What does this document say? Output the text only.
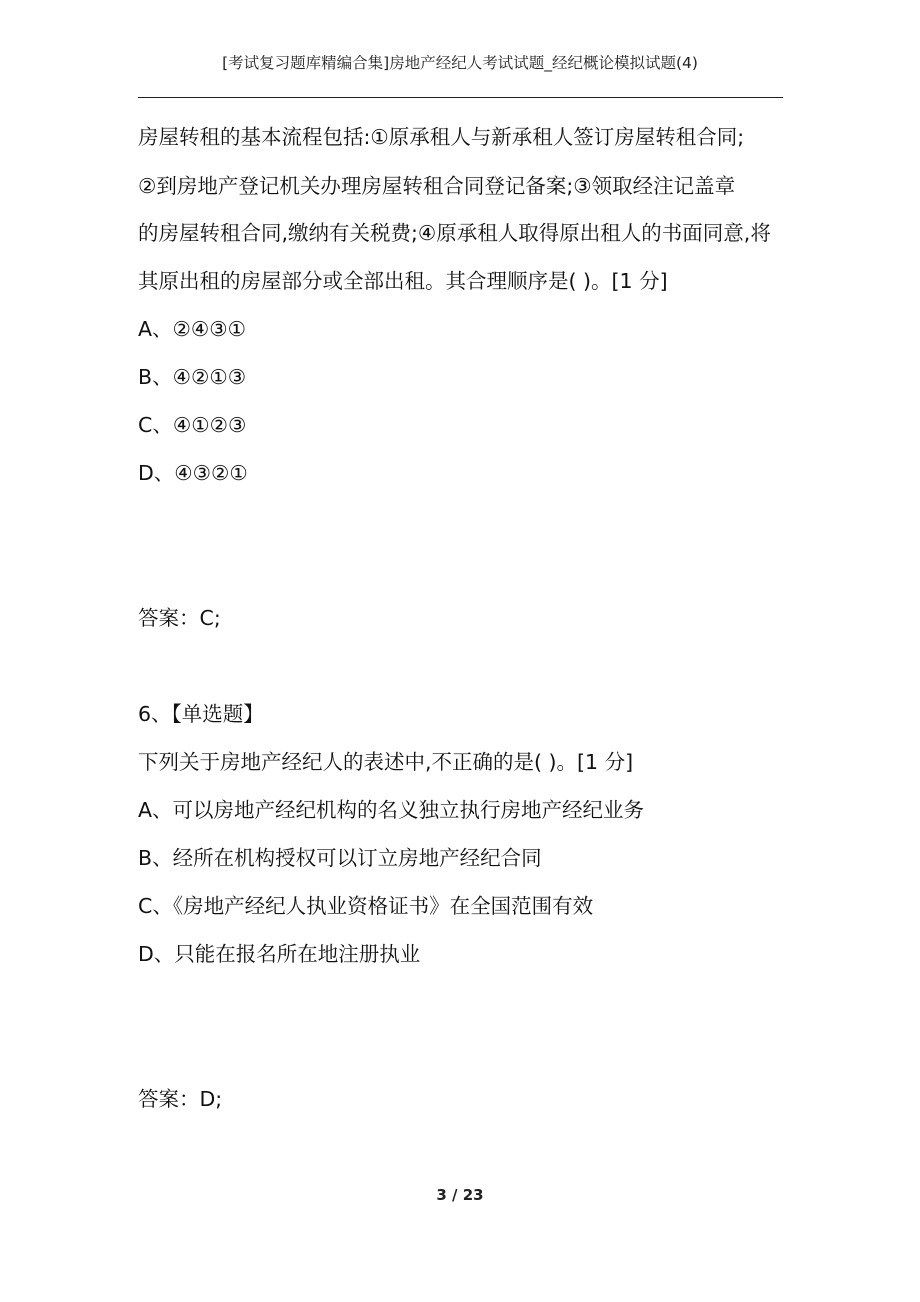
[考试复习题库精编合集]房地产经纪人考试试题_经纪概论模拟试题(4)
房屋转租的基本流程包括:①原承租人与新承租人签订房屋转租合同;
②到房地产登记机关办理房屋转租合同登记备案;③领取经注记盖章
的房屋转租合同,缴纳有关税费;④原承租人取得原出租人的书面同意,将
其原出租的房屋部分或全部出租。其合理顺序是( )。[1 分]
A、②④③①
B、④②①③
C、④①②③
D、④③②①
答案：C;
6、【单选题】
下列关于房地产经纪人的表述中,不正确的是( )。[1 分]
A、可以房地产经纪机构的名义独立执行房地产经纪业务
B、经所在机构授权可以订立房地产经纪合同
C、《房地产经纪人执业资格证书》在全国范围有效
D、只能在报名所在地注册执业
答案：D;
3 / 23
